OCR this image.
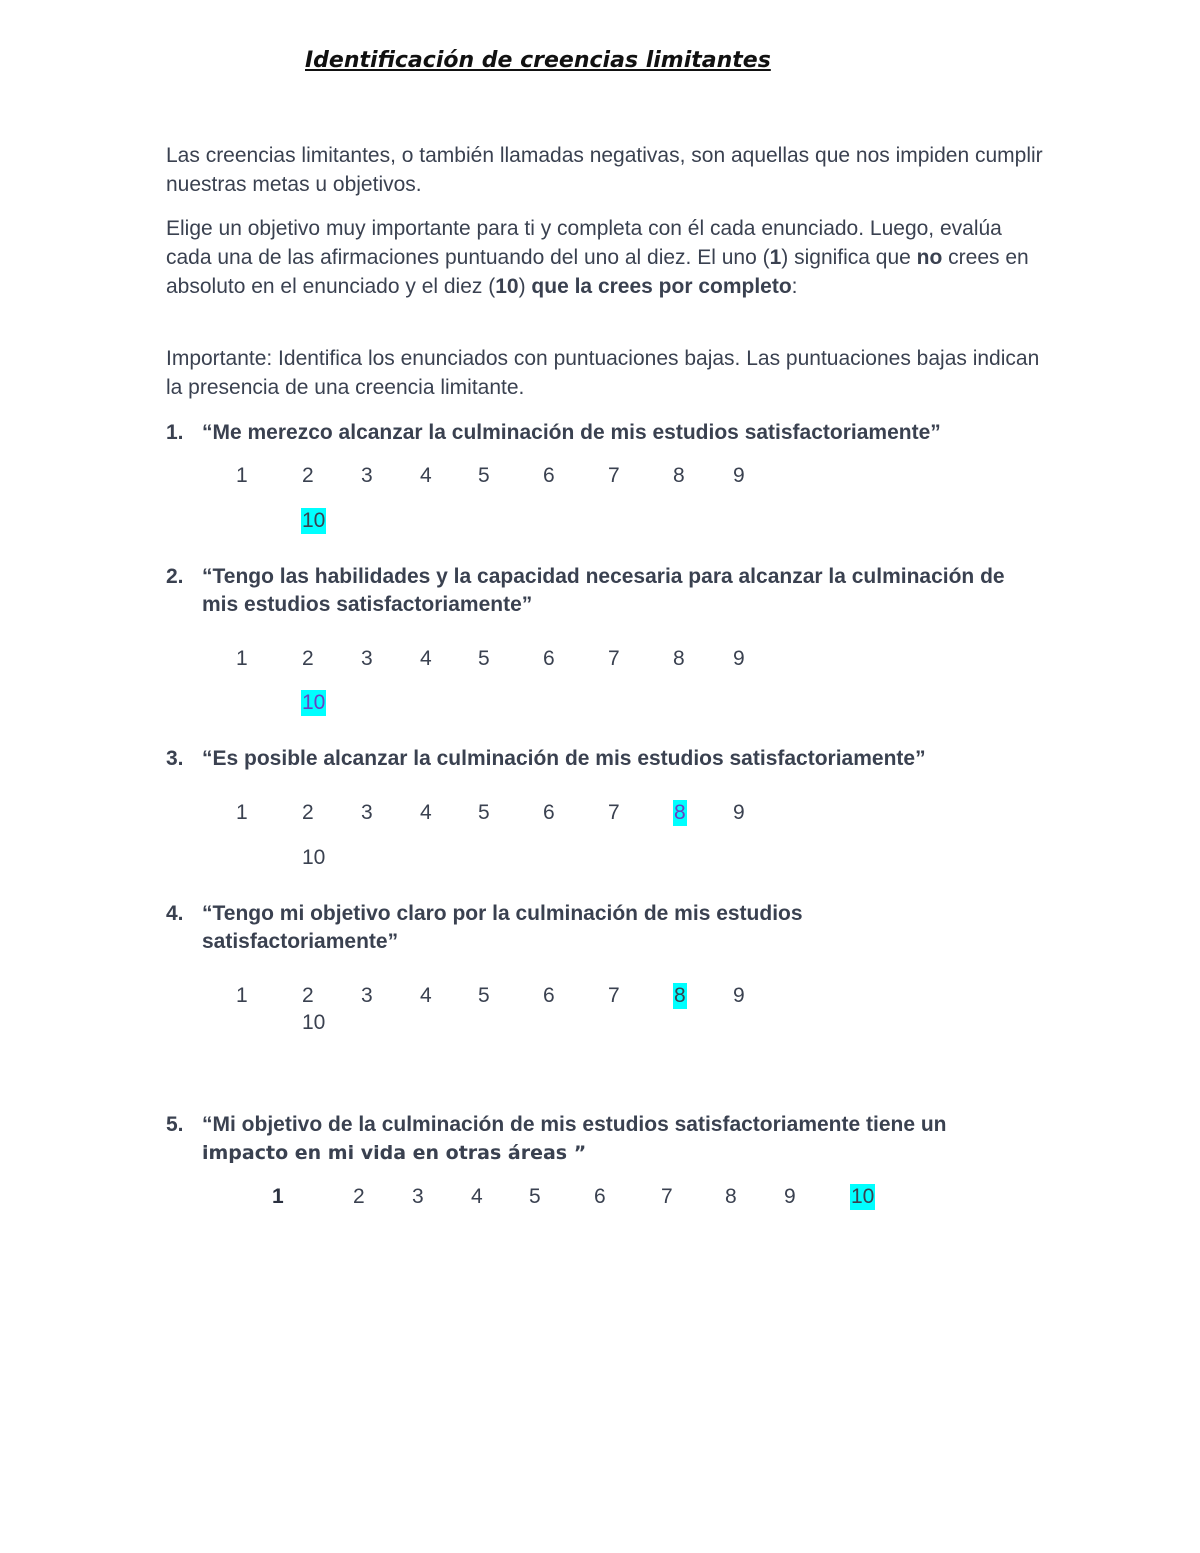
Identificación de creencias limitantes
Las creencias limitantes, o también llamadas negativas, son aquellas que nos impiden cumplir nuestras metas u objetivos.
Elige un objetivo muy importante para ti y completa con él cada enunciado. Luego, evalúa cada una de las afirmaciones puntuando del uno al diez. El uno (1) significa que no crees en absoluto en el enunciado y el diez (10) que la crees por completo:
Importante: Identifica los enunciados con puntuaciones bajas. Las puntuaciones bajas indican la presencia de una creencia limitante.
1. “Me merezco alcanzar la culminación de mis estudios satisfactoriamente”
1	2 3 4 5	6	7	8 9
10
2. “Tengo las habilidades y la capacidad necesaria para alcanzar la culminación de mis estudios satisfactoriamente”
1	2 3 4 5	6	7	8 9
10
3. “Es posible alcanzar la culminación de mis estudios satisfactoriamente”
1	2 3 4 5	6	7	8 9
10
4. “Tengo mi objetivo claro por la culminación de mis estudios satisfactoriamente”
1	2 3 4 5	6	7	8 9
10
5. “Mi objetivo de la culminación de mis estudios satisfactoriamente tiene un
impacto en mi vida en otras áreas ”
1	2 3 4 5	6	7 8 9	10
